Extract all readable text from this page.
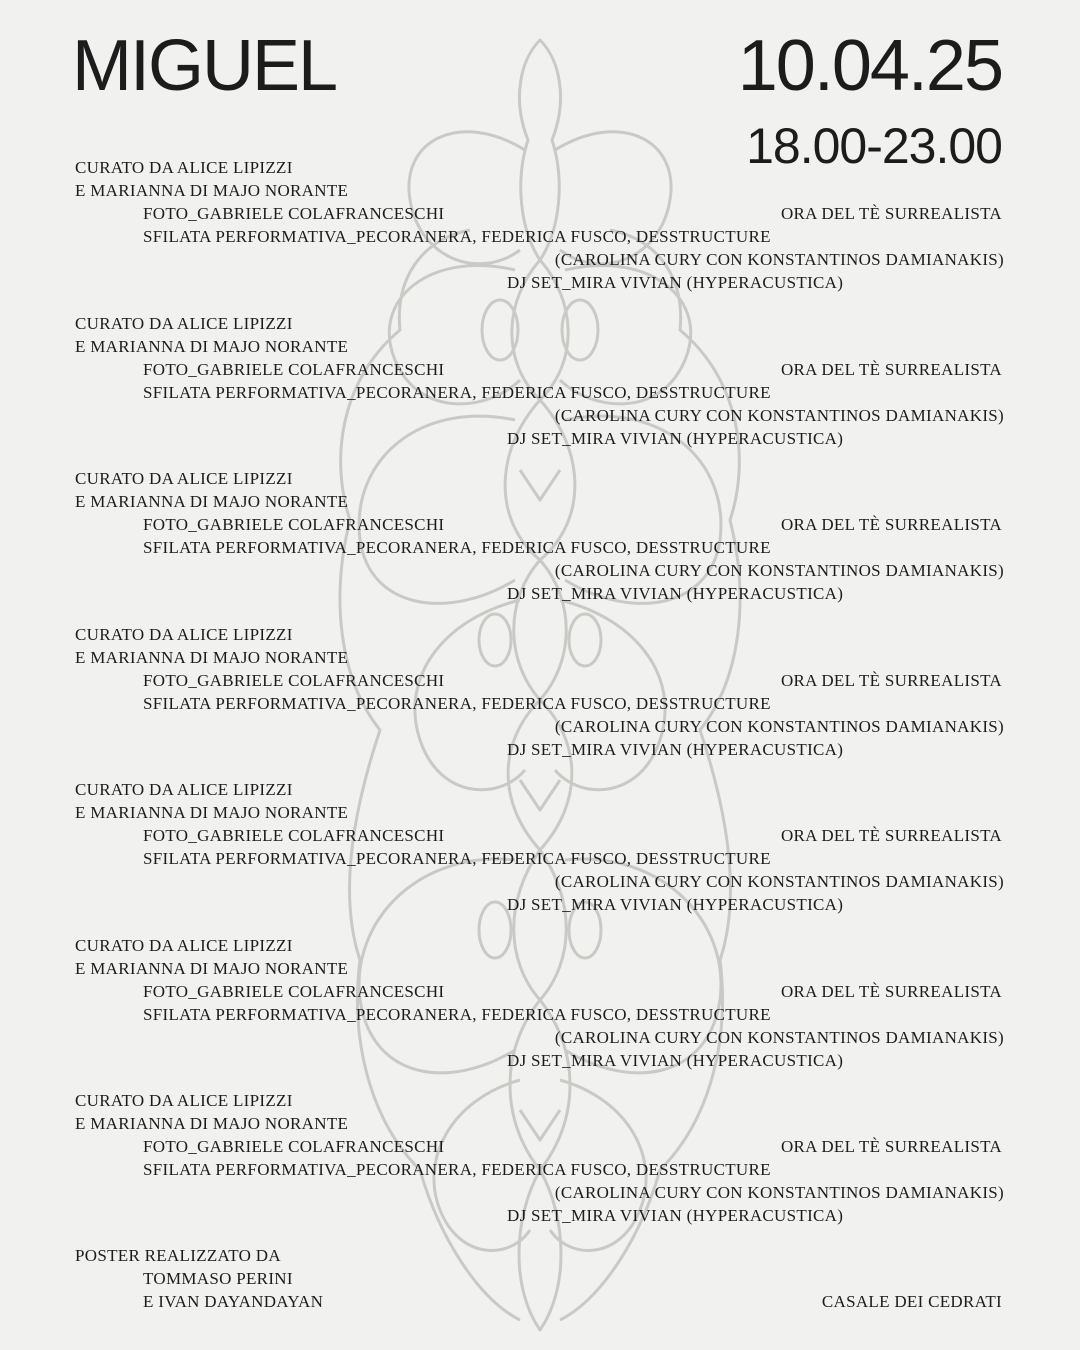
MIGUEL	10.04.25
18.00-23.00
CURATO DA ALICE LIPIZZI
E MARIANNA DI MAJO NORANTE
FOTO_GABRIELE COLAFRANCESCHI	ORA DEL TÈ SURREALISTA
SFILATA PERFORMATIVA_PECORANERA, FEDERICA FUSCO, DESSTRUCTURE
(CAROLINA CURY CON KONSTANTINOS DAMIANAKIS)
DJ SET_MIRA VIVIAN (HYPERACUSTICA)
CURATO DA ALICE LIPIZZI
E MARIANNA DI MAJO NORANTE
FOTO_GABRIELE COLAFRANCESCHI	ORA DEL TÈ SURREALISTA
SFILATA PERFORMATIVA_PECORANERA, FEDERICA FUSCO, DESSTRUCTURE
(CAROLINA CURY CON KONSTANTINOS DAMIANAKIS)
DJ SET_MIRA VIVIAN (HYPERACUSTICA)
CURATO DA ALICE LIPIZZI
E MARIANNA DI MAJO NORANTE
FOTO_GABRIELE COLAFRANCESCHI	ORA DEL TÈ SURREALISTA
SFILATA PERFORMATIVA_PECORANERA, FEDERICA FUSCO, DESSTRUCTURE
(CAROLINA CURY CON KONSTANTINOS DAMIANAKIS)
DJ SET_MIRA VIVIAN (HYPERACUSTICA)
CURATO DA ALICE LIPIZZI
E MARIANNA DI MAJO NORANTE
FOTO_GABRIELE COLAFRANCESCHI	ORA DEL TÈ SURREALISTA
SFILATA PERFORMATIVA_PECORANERA, FEDERICA FUSCO, DESSTRUCTURE
(CAROLINA CURY CON KONSTANTINOS DAMIANAKIS)
DJ SET_MIRA VIVIAN (HYPERACUSTICA)
CURATO DA ALICE LIPIZZI
E MARIANNA DI MAJO NORANTE
FOTO_GABRIELE COLAFRANCESCHI	ORA DEL TÈ SURREALISTA
SFILATA PERFORMATIVA_PECORANERA, FEDERICA FUSCO, DESSTRUCTURE
(CAROLINA CURY CON KONSTANTINOS DAMIANAKIS)
DJ SET_MIRA VIVIAN (HYPERACUSTICA)
CURATO DA ALICE LIPIZZI
E MARIANNA DI MAJO NORANTE
FOTO_GABRIELE COLAFRANCESCHI	ORA DEL TÈ SURREALISTA
SFILATA PERFORMATIVA_PECORANERA, FEDERICA FUSCO, DESSTRUCTURE
(CAROLINA CURY CON KONSTANTINOS DAMIANAKIS)
DJ SET_MIRA VIVIAN (HYPERACUSTICA)
CURATO DA ALICE LIPIZZI
E MARIANNA DI MAJO NORANTE
FOTO_GABRIELE COLAFRANCESCHI	ORA DEL TÈ SURREALISTA
SFILATA PERFORMATIVA_PECORANERA, FEDERICA FUSCO, DESSTRUCTURE
(CAROLINA CURY CON KONSTANTINOS DAMIANAKIS)
DJ SET_MIRA VIVIAN (HYPERACUSTICA)
POSTER REALIZZATO DA
TOMMASO PERINI
E IVAN DAYANDAYAN	CASALE DEI CEDRATI
